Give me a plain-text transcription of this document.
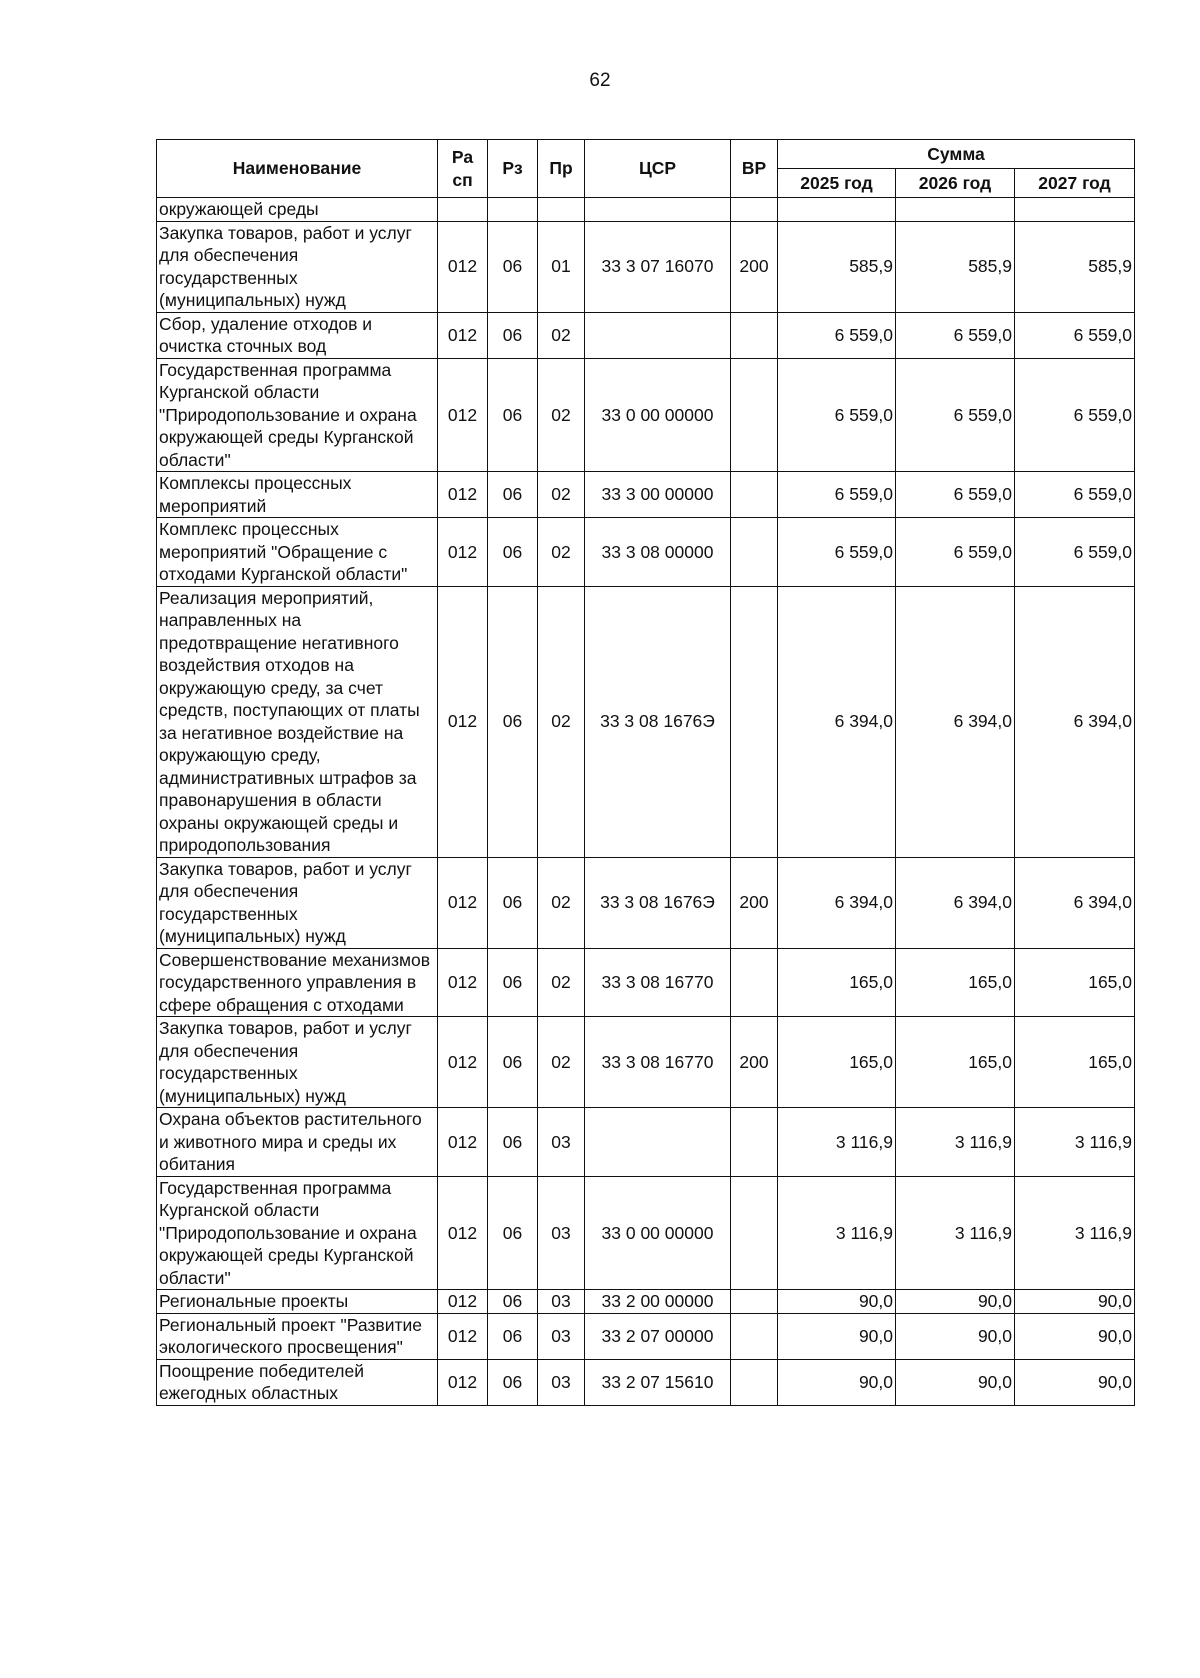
62
Наименование	Ра сп	Рз	Пр	ЦСР	ВР	Сумма		
						2025 год	2026 год	2027 год
окружающей среды								
Закупка товаров, работ и услуг для обеспечения государственных (муниципальных) нужд	012	06	01	33 3 07 16070	200	585,9	585,9	585,9
Сбор, удаление отходов и очистка сточных вод	012	06	02			6 559,0	6 559,0	6 559,0
Государственная программа Курганской области "Природопользование и охрана окружающей среды Курганской области"	012	06	02	33 0 00 00000		6 559,0	6 559,0	6 559,0
Комплексы процессных мероприятий	012	06	02	33 3 00 00000		6 559,0	6 559,0	6 559,0
Комплекс процессных мероприятий "Обращение с отходами Курганской области"	012	06	02	33 3 08 00000		6 559,0	6 559,0	6 559,0
Реализация мероприятий, направленных на предотвращение негативного воздействия отходов на окружающую среду, за счет средств, поступающих от платы за негативное воздействие на окружающую среду, административных штрафов за правонарушения в области охраны окружающей среды и природопользования	012	06	02	33 3 08 1676Э		6 394,0	6 394,0	6 394,0
Закупка товаров, работ и услуг для обеспечения государственных (муниципальных) нужд	012	06	02	33 3 08 1676Э	200	6 394,0	6 394,0	6 394,0
Совершенствование механизмов государственного управления в сфере обращения с отходами	012	06	02	33 3 08 16770		165,0	165,0	165,0
Закупка товаров, работ и услуг для обеспечения государственных (муниципальных) нужд	012	06	02	33 3 08 16770	200	165,0	165,0	165,0
Охрана объектов растительного и животного мира и среды их обитания	012	06	03			3 116,9	3 116,9	3 116,9
Государственная программа Курганской области "Природопользование и охрана окружающей среды Курганской области"	012	06	03	33 0 00 00000		3 116,9	3 116,9	3 116,9
Региональные проекты	012	06	03	33 2 00 00000		90,0	90,0	90,0
Региональный проект "Развитие экологического просвещения"	012	06	03	33 2 07 00000		90,0	90,0	90,0
Поощрение победителей ежегодных областных	012	06	03	33 2 07 15610		90,0	90,0	90,0
